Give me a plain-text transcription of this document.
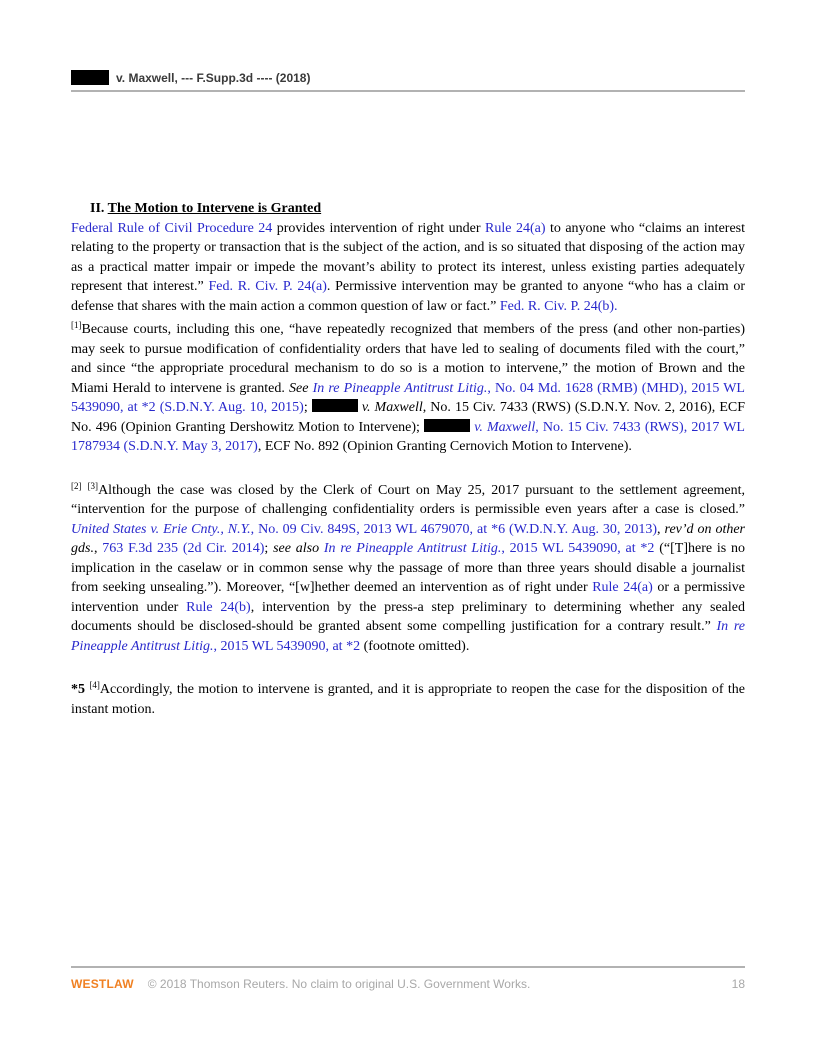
v. Maxwell, --- F.Supp.3d ---- (2018)

II. The Motion to Intervene is Granted

Federal Rule of Civil Procedure 24 provides intervention of right under Rule 24(a) to anyone who “claims an interest relating to the property or transaction that is the subject of the action, and is so situated that disposing of the action may as a practical matter impair or impede the movant’s ability to protect its interest, unless existing parties adequately represent that interest.” Fed. R. Civ. P. 24(a). Permissive intervention may be granted to anyone “who has a claim or defense that shares with the main action a common question of law or fact.” Fed. R. Civ. P. 24(b).

[1]Because courts, including this one, “have repeatedly recognized that members of the press (and other non-parties) may seek to pursue modification of confidentiality orders that have led to sealing of documents filed with the court,” and since “the appropriate procedural mechanism to do so is a motion to intervene,” the motion of Brown and the Miami Herald to intervene is granted. See In re Pineapple Antitrust Litig., No. 04 Md. 1628 (RMB) (MHD), 2015 WL 5439090, at *2 (S.D.N.Y. Aug. 10, 2015);	v. Maxwell, No. 15 Civ. 7433 (RWS) (S.D.N.Y. Nov. 2, 2016), ECF No. 496 (Opinion Granting Dershowitz Motion to Intervene);	v. Maxwell, No. 15 Civ. 7433 (RWS), 2017 WL 1787934 (S.D.N.Y. May 3, 2017), ECF No. 892 (Opinion Granting Cernovich Motion to Intervene).

[2] [3]Although the case was closed by the Clerk of Court on May 25, 2017 pursuant to the settlement agreement, “intervention for the purpose of challenging confidentiality orders is permissible even years after a case is closed.” United States v. Erie Cnty., N.Y., No. 09 Civ. 849S, 2013 WL 4679070, at *6 (W.D.N.Y. Aug. 30, 2013), rev’d on other gds., 763 F.3d 235 (2d Cir. 2014); see also In re Pineapple Antitrust Litig., 2015 WL 5439090, at *2 (“[T]here is no implication in the caselaw or in common sense why the passage of more than three years should disable a journalist from seeking unsealing.”). Moreover, “[w]hether deemed an intervention as of right under Rule 24(a) or a permissive intervention under Rule 24(b), intervention by the press-a step preliminary to determining whether any sealed documents should be disclosed-should be granted absent some compelling justification for a contrary result.” In re Pineapple Antitrust Litig., 2015 WL 5439090, at *2 (footnote omitted).

*5 [4]Accordingly, the motion to intervene is granted, and it is appropriate to reopen the case for the disposition of the instant motion.

WESTLAW © 2018 Thomson Reuters. No claim to original U.S. Government Works.	18
